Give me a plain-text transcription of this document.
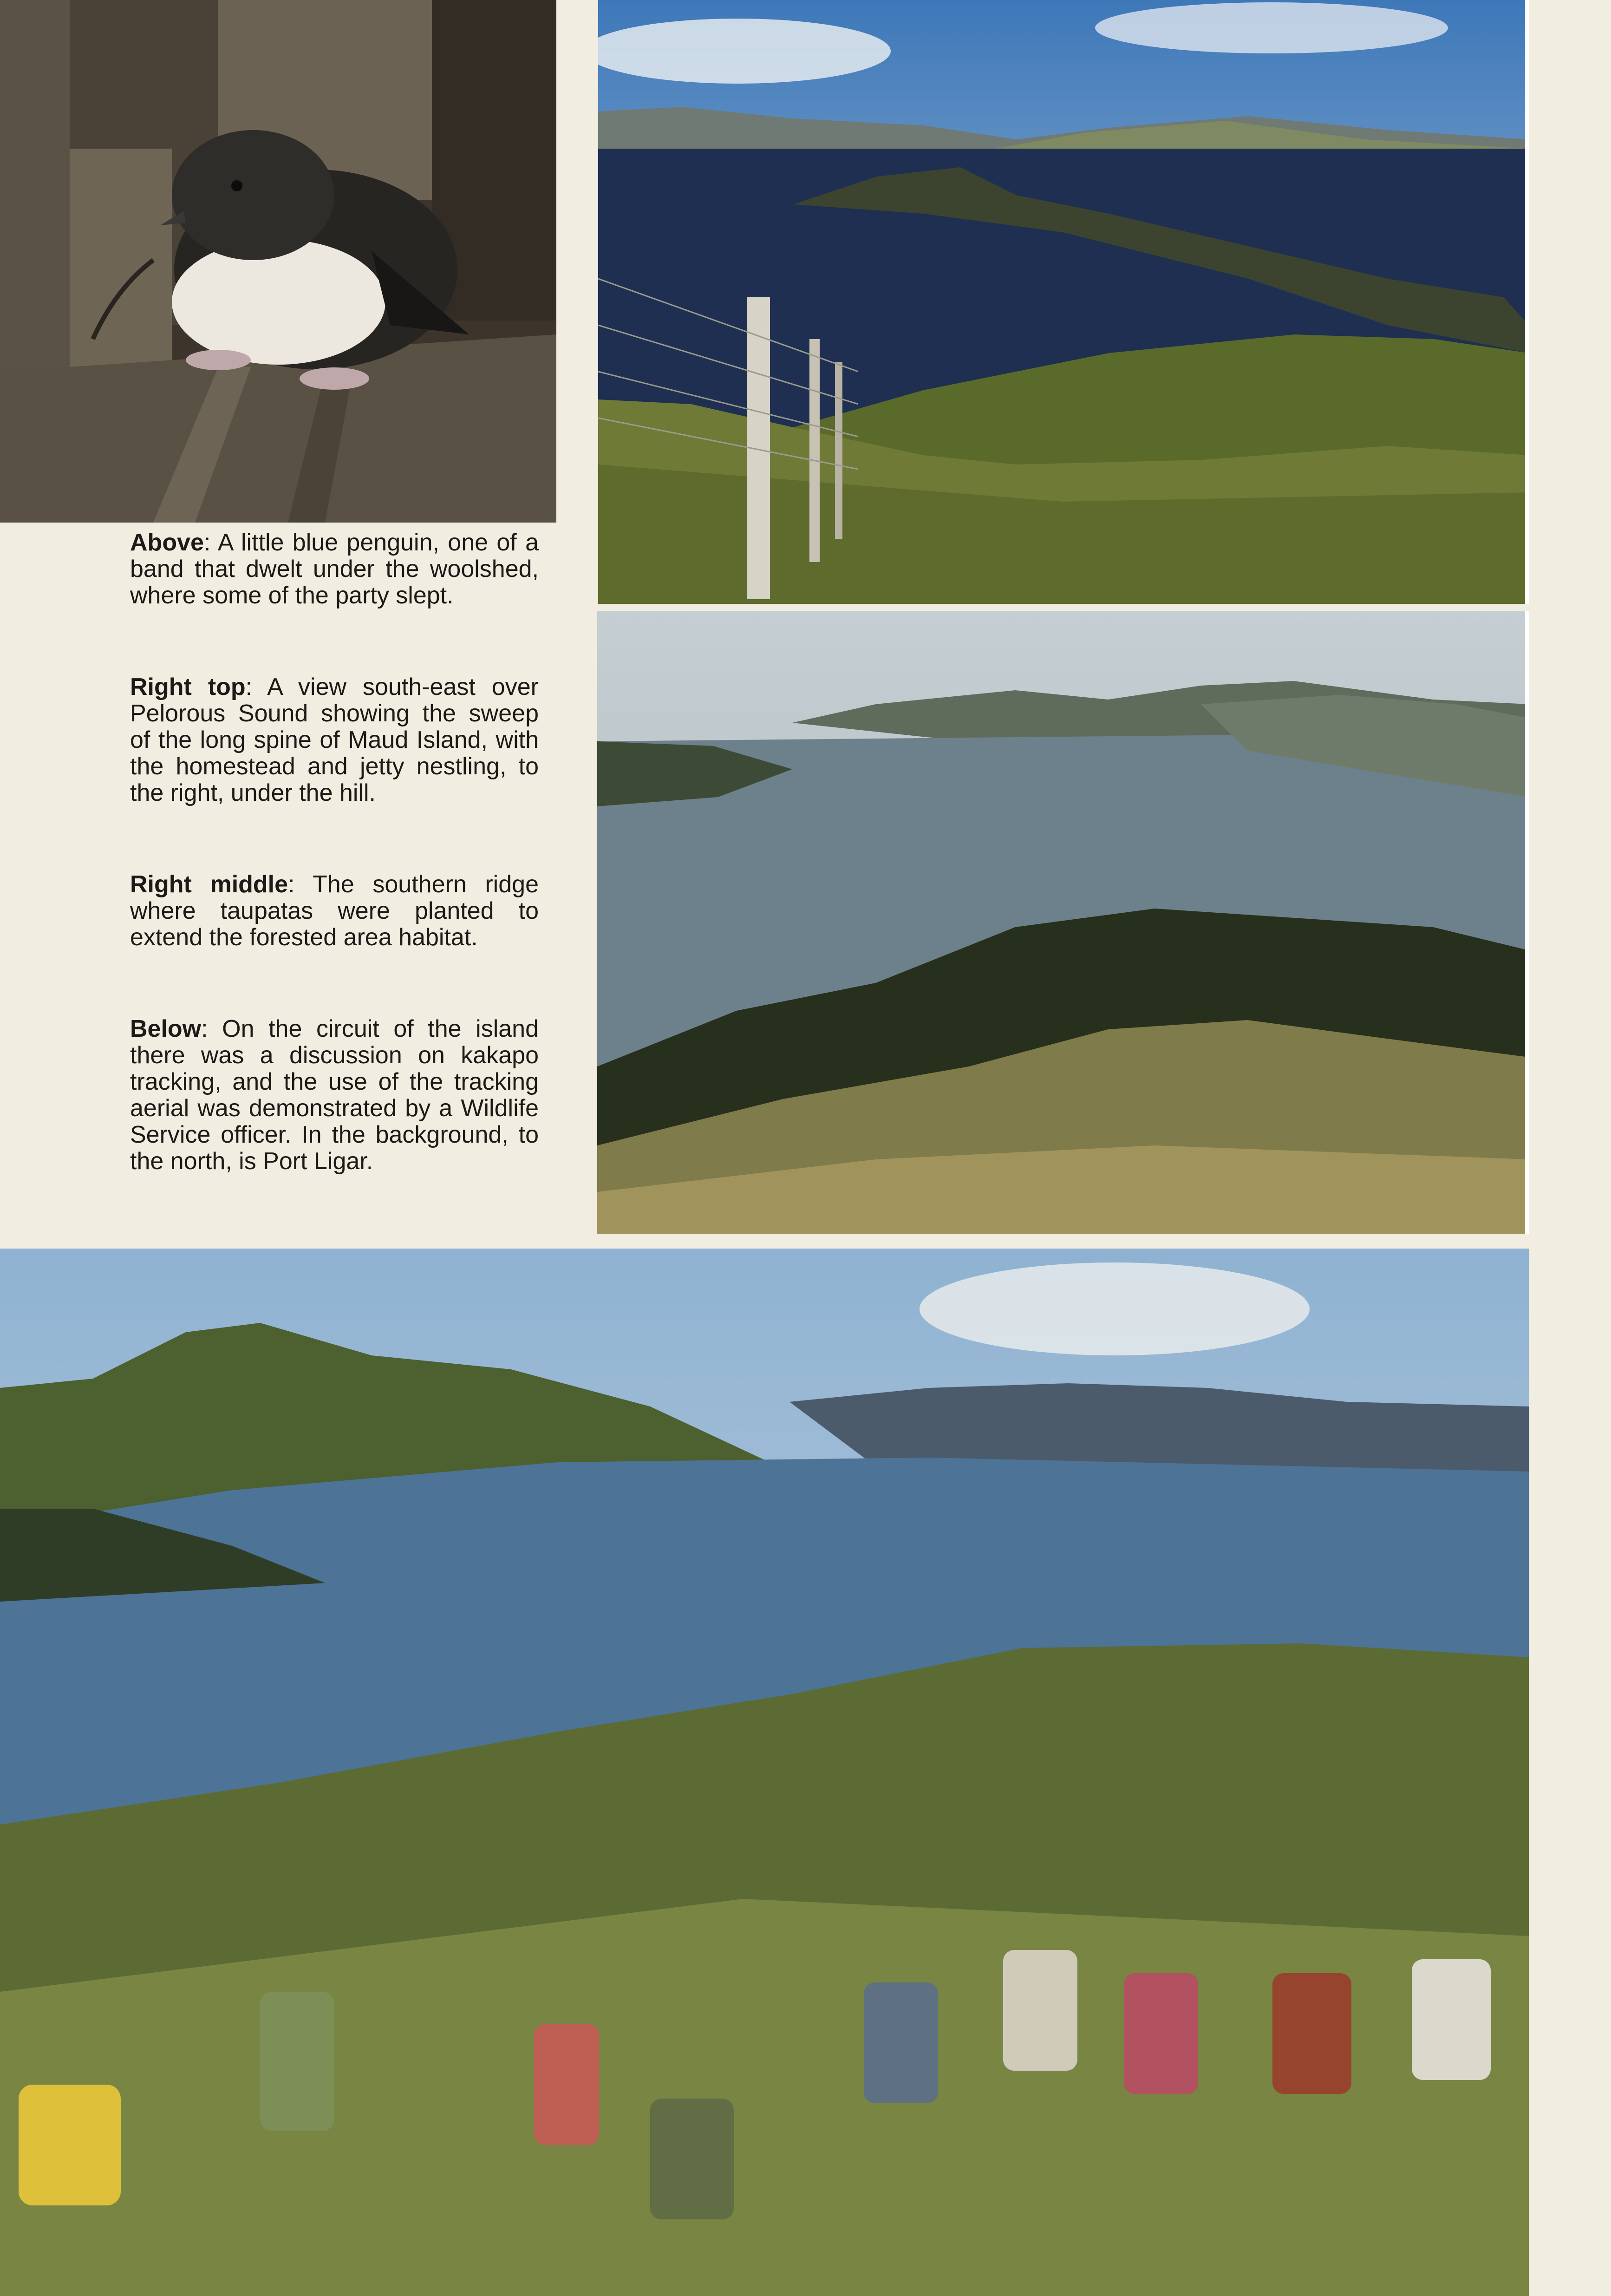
Above: A little blue penguin, one of a band that dwelt under the woolshed, where some of the party slept.

Right top: A view south-east over Pelorous Sound showing the sweep of the long spine of Maud Island, with the homestead and jetty nestling, to the right, under the hill.

Right middle: The southern ridge where taupatas were planted to extend the forested area habitat.

Below: On the circuit of the island there was a discussion on kakapo tracking, and the use of the tracking aerial was demonstrated by a Wildlife Service officer. In the background, to the north, is Port Ligar.
